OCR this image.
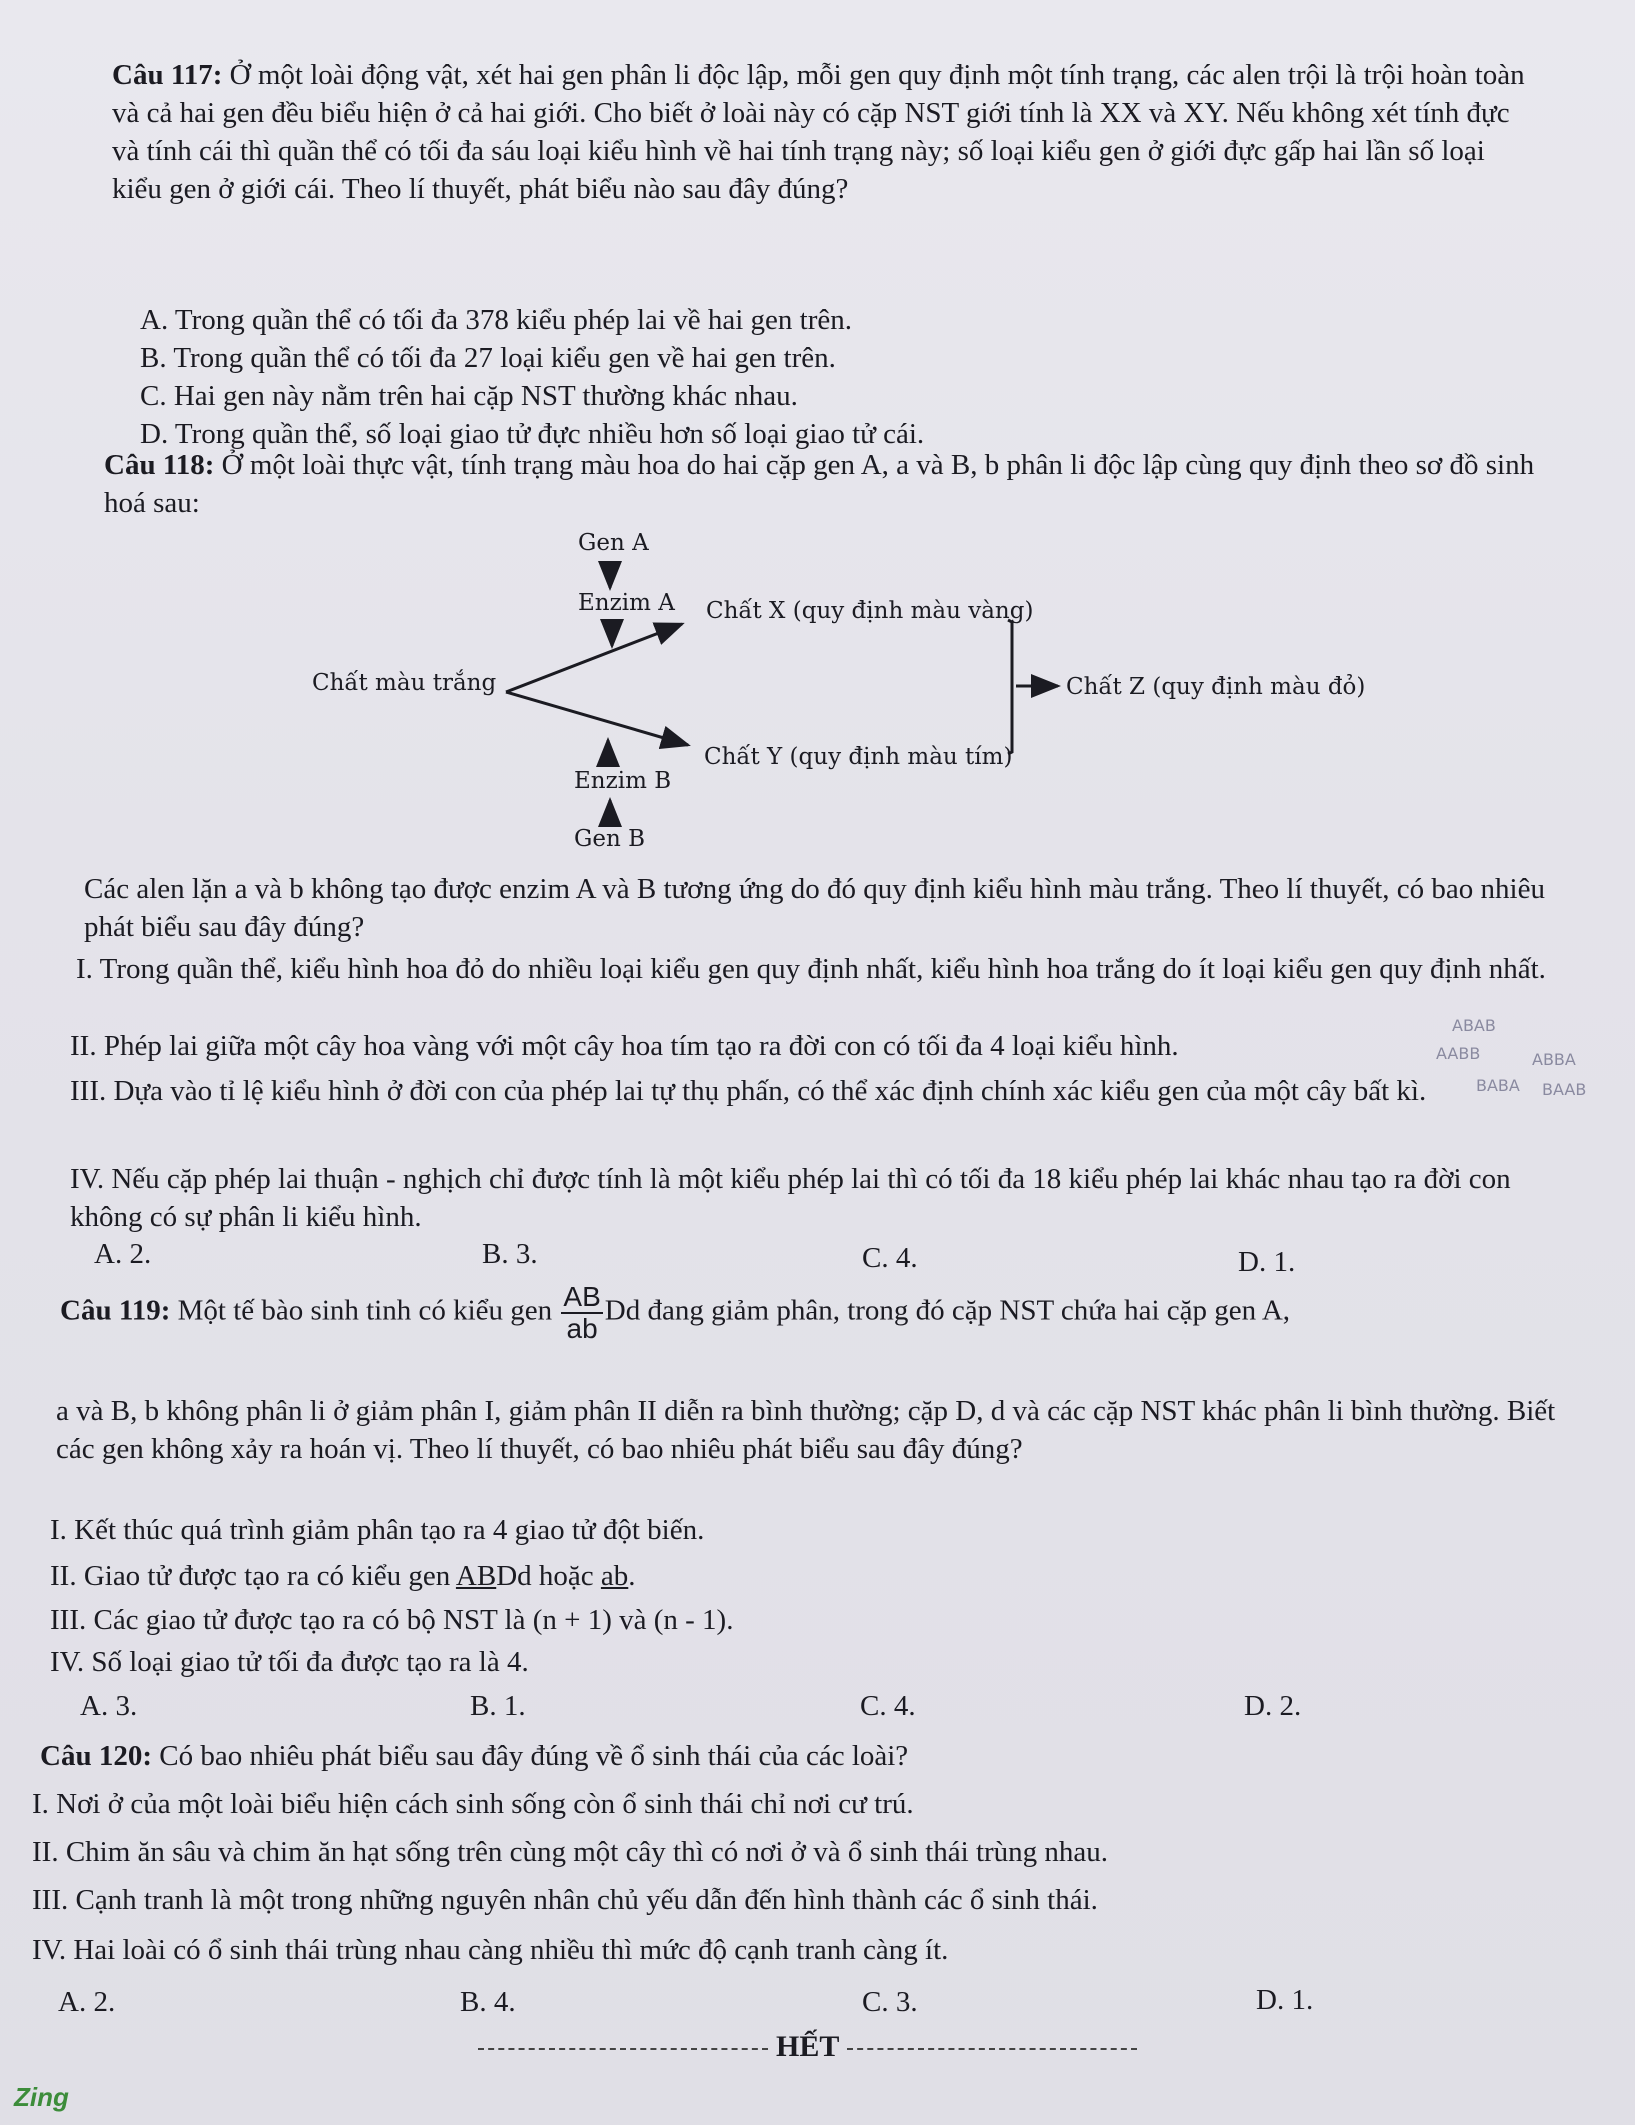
Câu 117: Ở một loài động vật, xét hai gen phân li độc lập, mỗi gen quy định một tính trạng, các alen trội là trội hoàn toàn và cả hai gen đều biểu hiện ở cả hai giới. Cho biết ở loài này có cặp NST giới tính là XX và XY. Nếu không xét tính đực và tính cái thì quần thể có tối đa sáu loại kiểu hình về hai tính trạng này; số loại kiểu gen ở giới đực gấp hai lần số loại kiểu gen ở giới cái. Theo lí thuyết, phát biểu nào sau đây đúng?

A. Trong quần thể có tối đa 378 kiểu phép lai về hai gen trên.
B. Trong quần thể có tối đa 27 loại kiểu gen về hai gen trên.
C. Hai gen này nằm trên hai cặp NST thường khác nhau.
D. Trong quần thể, số loại giao tử đực nhiều hơn số loại giao tử cái.

Câu 118: Ở một loài thực vật, tính trạng màu hoa do hai cặp gen A, a và B, b phân li độc lập cùng quy định theo sơ đồ sinh hoá sau:

Gen A
Enzim A Chất X (quy định màu vàng)
Chất màu trắng	Chất Z (quy định màu đỏ)
Chất Y (quy định màu tím)
Enzim B
Gen B

Các alen lặn a và b không tạo được enzim A và B tương ứng do đó quy định kiểu hình màu trắng. Theo lí thuyết, có bao nhiêu phát biểu sau đây đúng?

I. Trong quần thể, kiểu hình hoa đỏ do nhiều loại kiểu gen quy định nhất, kiểu hình hoa trắng do ít loại kiểu gen quy định nhất.

II. Phép lai giữa một cây hoa vàng với một cây hoa tím tạo ra đời con có tối đa 4 loại kiểu hình.

III. Dựa vào tỉ lệ kiểu hình ở đời con của phép lai tự thụ phấn, có thể xác định chính xác kiểu gen của một cây bất kì.

IV. Nếu cặp phép lai thuận - nghịch chỉ được tính là một kiểu phép lai thì có tối đa 18 kiểu phép lai khác nhau tạo ra đời con không có sự phân li kiểu hình.

ABAB
AABB	ABBA
BABA BAAB
A. 2.	B. 3.	C. 4.	D. 1.
Câu 119: Một tế bào sinh tinh có kiểu gen $\frac{AB}{ab}$ Dd đang giảm phân, trong đó cặp NST chứa hai cặp gen A,

a và B, b không phân li ở giảm phân I, giảm phân II diễn ra bình thường; cặp D, d và các cặp NST khác phân li bình thường. Biết các gen không xảy ra hoán vị. Theo lí thuyết, có bao nhiêu phát biểu sau đây đúng?

I. Kết thúc quá trình giảm phân tạo ra 4 giao tử đột biến.
II. Giao tử được tạo ra có kiểu gen ABDd hoặc ab.
III. Các giao tử được tạo ra có bộ NST là (n + 1) và (n - 1).
IV. Số loại giao tử tối đa được tạo ra là 4.
A. 3.	B. 1.	C. 4.	D. 2.
Câu 120: Có bao nhiêu phát biểu sau đây đúng về ổ sinh thái của các loài?
I. Nơi ở của một loài biểu hiện cách sinh sống còn ổ sinh thái chỉ nơi cư trú.
II. Chim ăn sâu và chim ăn hạt sống trên cùng một cây thì có nơi ở và ổ sinh thái trùng nhau.
III. Cạnh tranh là một trong những nguyên nhân chủ yếu dẫn đến hình thành các ổ sinh thái.
IV. Hai loài có ổ sinh thái trùng nhau càng nhiều thì mức độ cạnh tranh càng ít.
A. 2.	B. 4.	C. 3.	D. 1.
HẾT
Zing
